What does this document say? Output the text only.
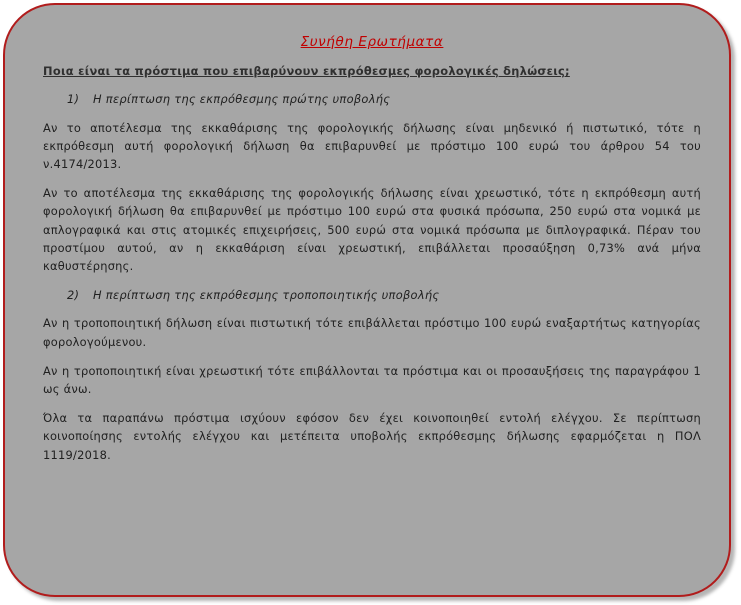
Συνήθη Ερωτήματα
Ποια είναι τα πρόστιμα που επιβαρύνουν εκπρόθεσμες φορολογικές δηλώσεις;
1) Η περίπτωση της εκπρόθεσμης πρώτης υποβολής
Αν το αποτέλεσμα της εκκαθάρισης της φορολογικής δήλωσης είναι μηδενικό ή πιστωτικό, τότε η εκπρόθεσμη αυτή φορολογική δήλωση θα επιβαρυνθεί με πρόστιμο 100 ευρώ του άρθρου 54 του ν.4174/2013.
Αν το αποτέλεσμα της εκκαθάρισης της φορολογικής δήλωσης είναι χρεωστικό, τότε η εκπρόθεσμη αυτή φορολογική δήλωση θα επιβαρυνθεί με πρόστιμο 100 ευρώ στα φυσικά πρόσωπα, 250 ευρώ στα νομικά με απλογραφικά και στις ατομικές επιχειρήσεις, 500 ευρώ στα νομικά πρόσωπα με διπλογραφικά. Πέραν του προστίμου αυτού, αν η εκκαθάριση είναι χρεωστική, επιβάλλεται προσαύξηση 0,73% ανά μήνα καθυστέρησης.
2) Η περίπτωση της εκπρόθεσμης τροποποιητικής υποβολής
Αν η τροποποιητική δήλωση είναι πιστωτική τότε επιβάλλεται πρόστιμο 100 ευρώ εναξαρτήτως κατηγορίας φορολογούμενου.
Αν η τροποποιητική είναι χρεωστική τότε επιβάλλονται τα πρόστιμα και οι προσαυξήσεις της παραγράφου 1 ως άνω.
Όλα τα παραπάνω πρόστιμα ισχύουν εφόσον δεν έχει κοινοποιηθεί εντολή ελέγχου. Σε περίπτωση κοινοποίησης εντολής ελέγχου και μετέπειτα υποβολής εκπρόθεσμης δήλωσης εφαρμόζεται η ΠΟΛ 1119/2018.
